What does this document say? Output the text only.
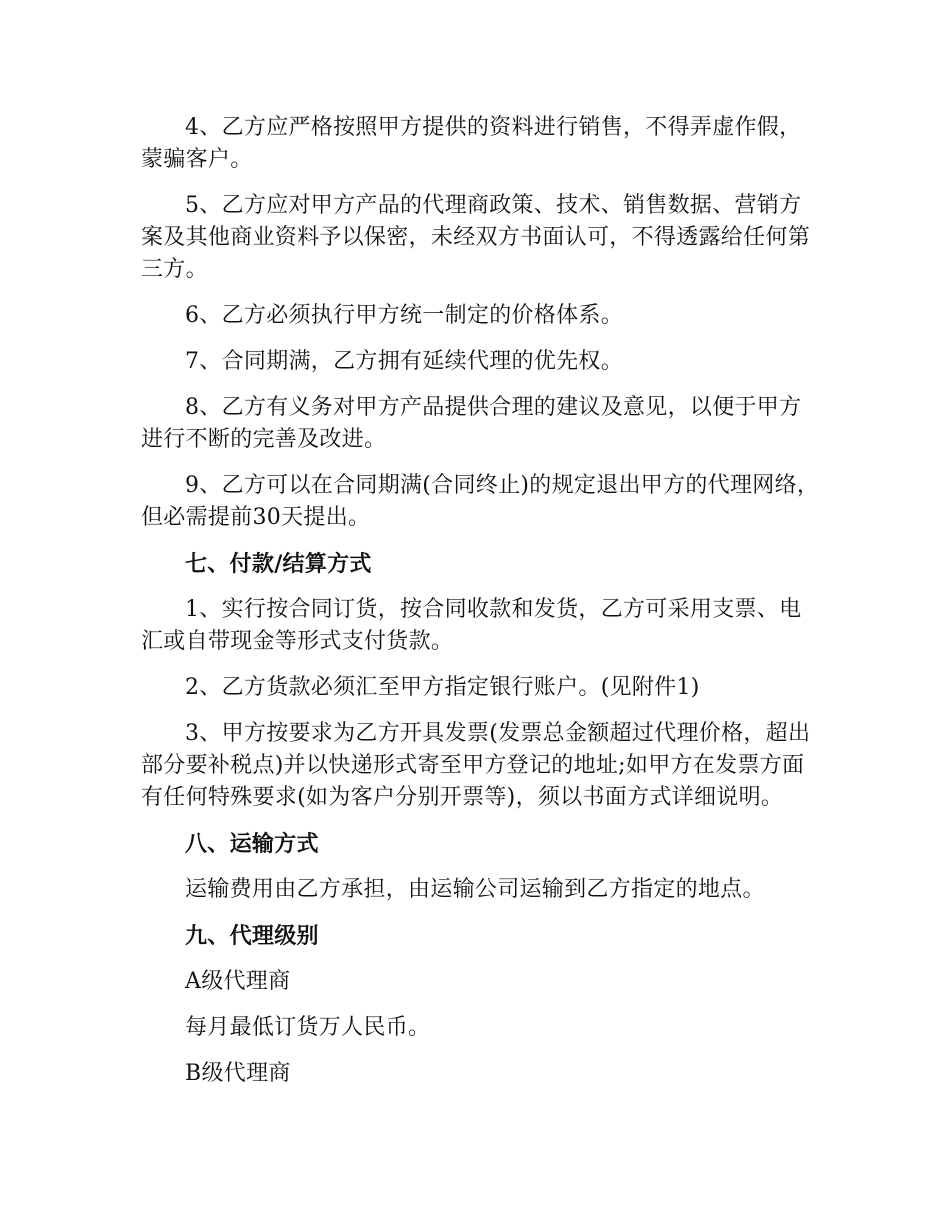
4、乙方应严格按照甲方提供的资料进行销售，不得弄虚作假，蒙骗客户。

5、乙方应对甲方产品的代理商政策、技术、销售数据、营销方案及其他商业资料予以保密，未经双方书面认可，不得透露给任何第三方。

6、乙方必须执行甲方统一制定的价格体系。

7、合同期满，乙方拥有延续代理的优先权。

8、乙方有义务对甲方产品提供合理的建议及意见，以便于甲方进行不断的完善及改进。

9、乙方可以在合同期满(合同终止)的规定退出甲方的代理网络，但必需提前30天提出。

七、付款/结算方式

1、实行按合同订货，按合同收款和发货，乙方可采用支票、电汇或自带现金等形式支付货款。

2、乙方货款必须汇至甲方指定银行账户。(见附件1)

3、甲方按要求为乙方开具发票(发票总金额超过代理价格，超出部分要补税点)并以快递形式寄至甲方登记的地址;如甲方在发票方面有任何特殊要求(如为客户分别开票等)，须以书面方式详细说明。

八、运输方式

运输费用由乙方承担，由运输公司运输到乙方指定的地点。

九、代理级别

A级代理商

每月最低订货万人民币。

B级代理商
